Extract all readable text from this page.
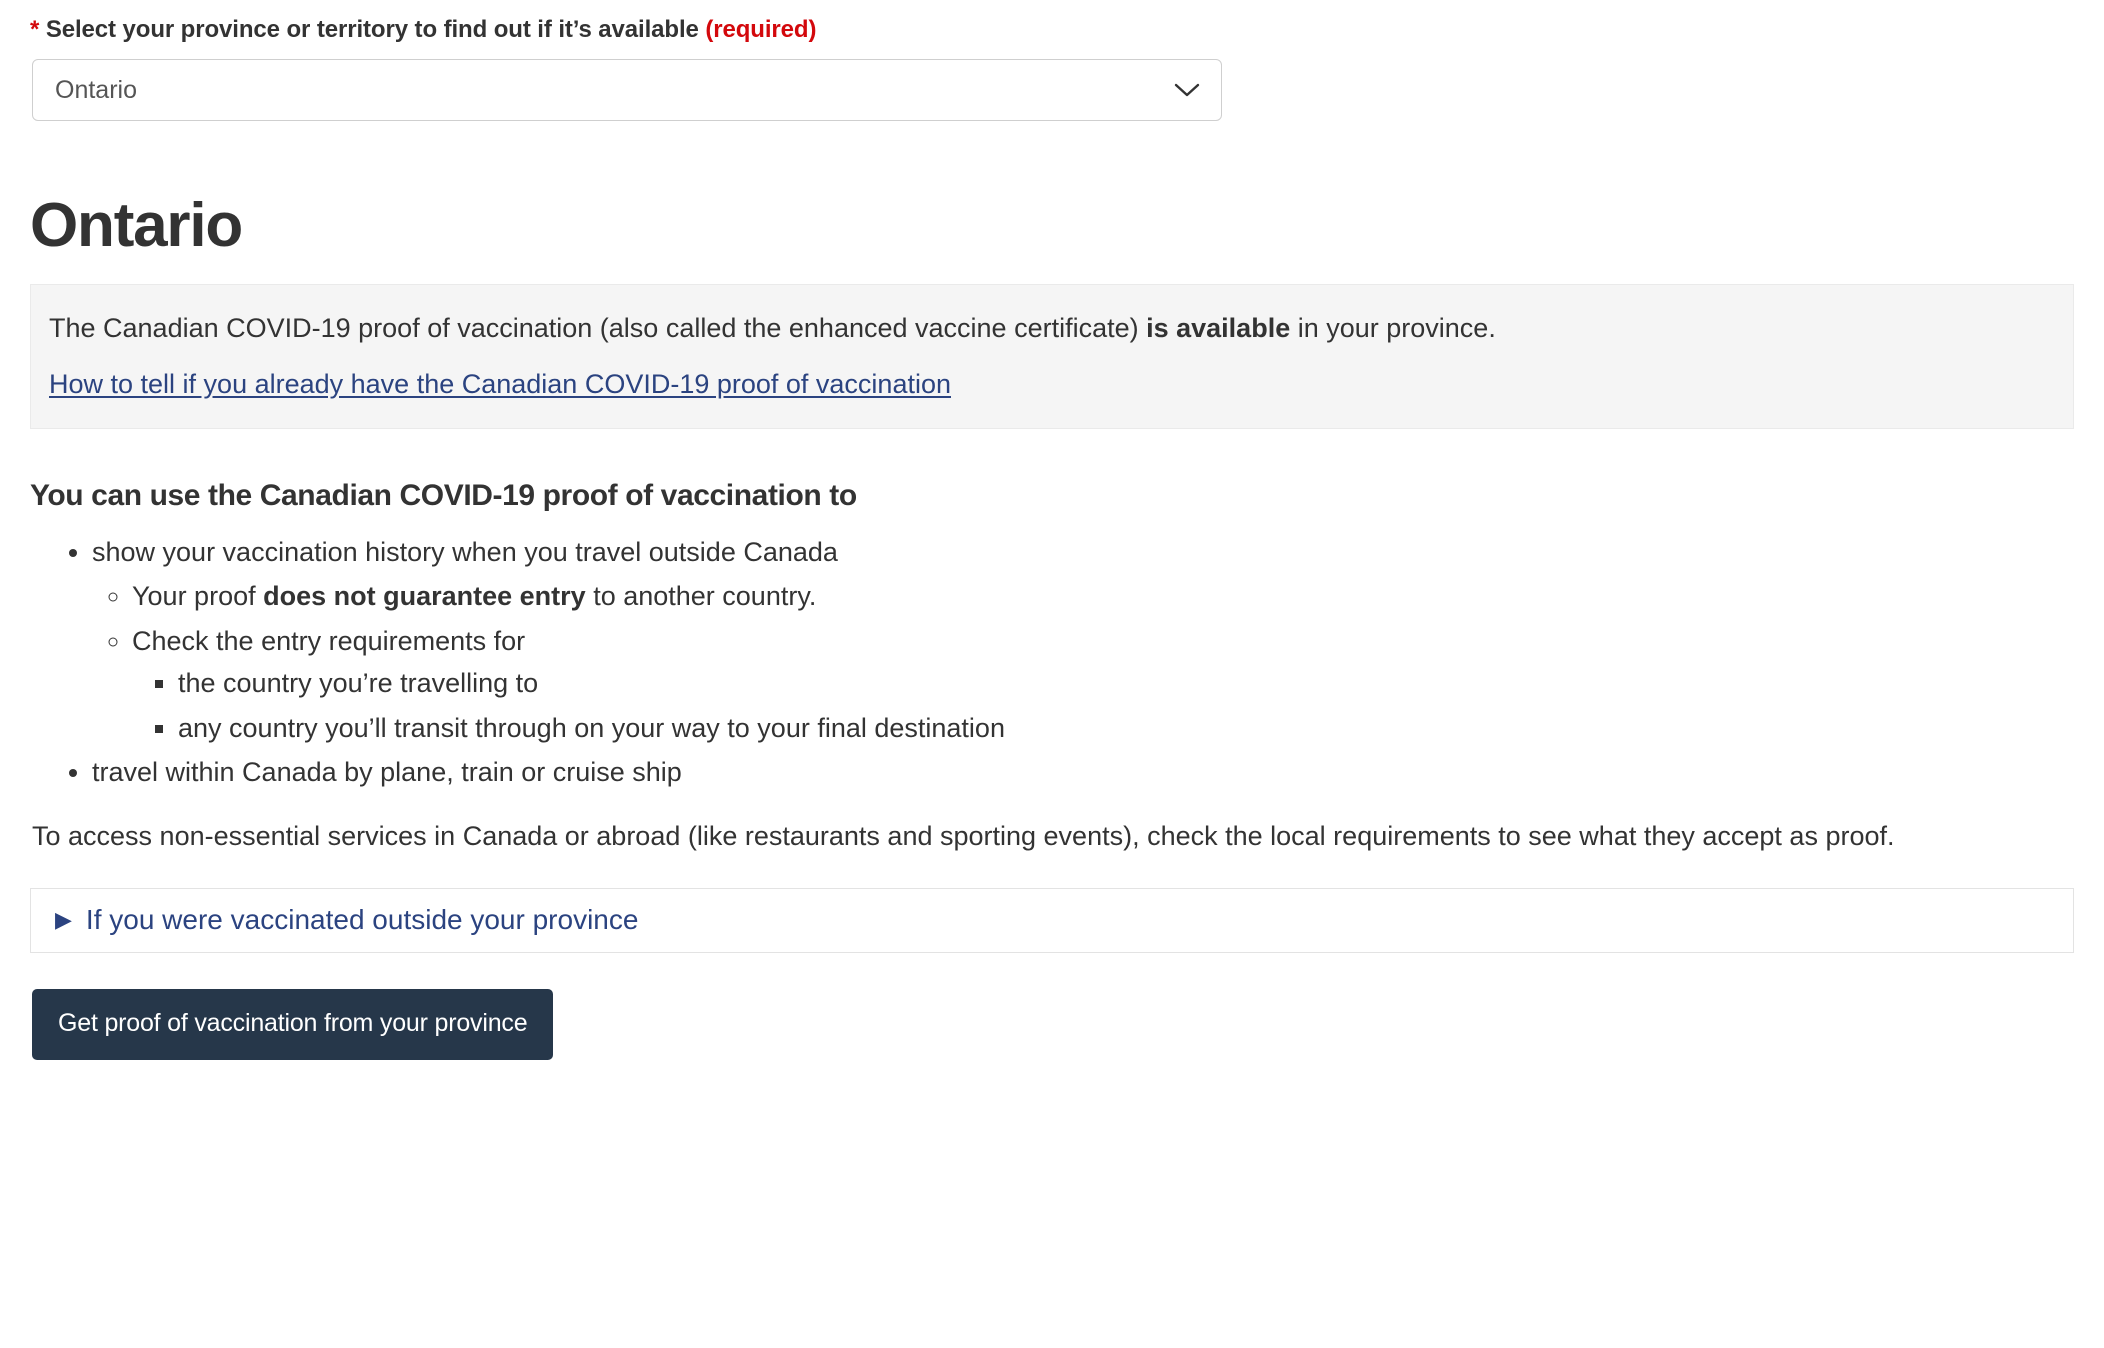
* Select your province or territory to find out if it’s available (required)
Ontario
Ontario

The Canadian COVID-19 proof of vaccination (also called the enhanced vaccine certificate) is available in your province.

How to tell if you already have the Canadian COVID-19 proof of vaccination
You can use the Canadian COVID-19 proof of vaccination to
• show your vaccination history when you travel outside Canada
◦ Your proof does not guarantee entry to another country.
◦ Check the entry requirements for
▪ the country you’re travelling to
▪ any country you’ll transit through on your way to your final destination
• travel within Canada by plane, train or cruise ship

To access non-essential services in Canada or abroad (like restaurants and sporting events), check the local requirements to see what they accept as proof.

▶ If you were vaccinated outside your province
Get proof of vaccination from your province
